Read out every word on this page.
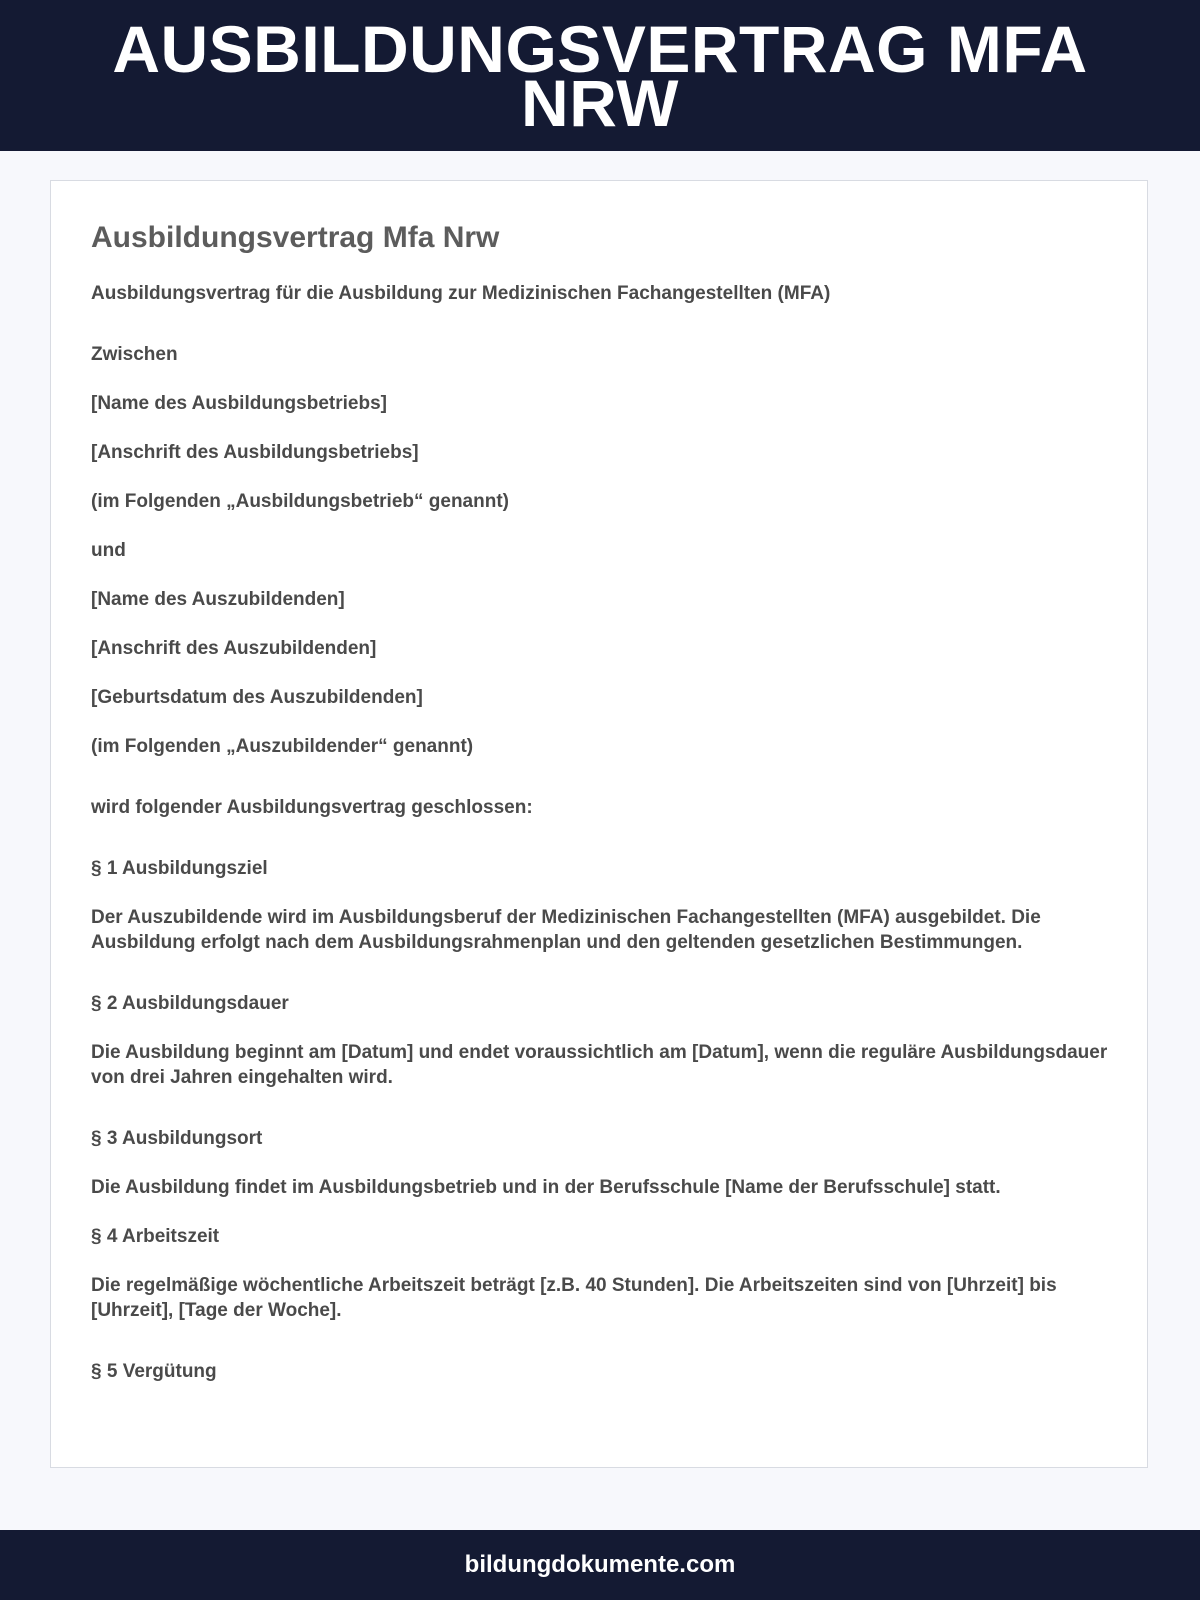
AUSBILDUNGSVERTRAG MFA NRW
Ausbildungsvertrag Mfa Nrw

Ausbildungsvertrag für die Ausbildung zur Medizinischen Fachangestellten (MFA)

Zwischen

[Name des Ausbildungsbetriebs]

[Anschrift des Ausbildungsbetriebs]

(im Folgenden „Ausbildungsbetrieb“ genannt)

und

[Name des Auszubildenden]

[Anschrift des Auszubildenden]

[Geburtsdatum des Auszubildenden]

(im Folgenden „Auszubildender“ genannt)

wird folgender Ausbildungsvertrag geschlossen:

§ 1 Ausbildungsziel

Der Auszubildende wird im Ausbildungsberuf der Medizinischen Fachangestellten (MFA) ausgebildet. Die Ausbildung erfolgt nach dem Ausbildungsrahmenplan und den geltenden gesetzlichen Bestimmungen.

§ 2 Ausbildungsdauer

Die Ausbildung beginnt am [Datum] und endet voraussichtlich am [Datum], wenn die reguläre Ausbildungsdauer von drei Jahren eingehalten wird.

§ 3 Ausbildungsort

Die Ausbildung findet im Ausbildungsbetrieb und in der Berufsschule [Name der Berufsschule] statt.

§ 4 Arbeitszeit

Die regelmäßige wöchentliche Arbeitszeit beträgt [z.B. 40 Stunden]. Die Arbeitszeiten sind von [Uhrzeit] bis [Uhrzeit], [Tage der Woche].

§ 5 Vergütung

bildungdokumente.com
